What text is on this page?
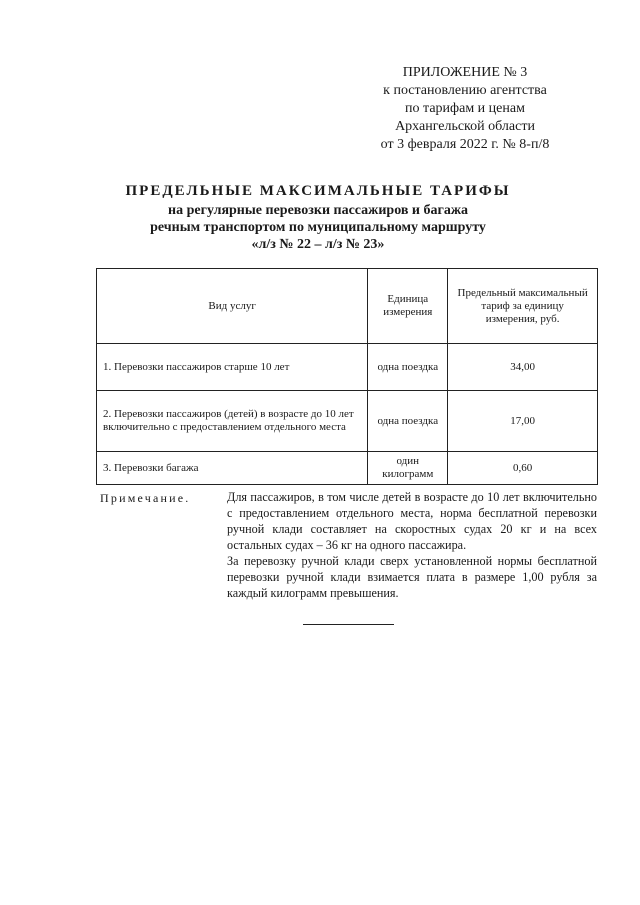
ПРИЛОЖЕНИЕ № 3
к постановлению агентства
по тарифам и ценам
Архангельской области
от 3 февраля 2022 г. № 8-п/8
ПРЕДЕЛЬНЫЕ МАКСИМАЛЬНЫЕ ТАРИФЫ
на регулярные перевозки пассажиров и багажа
речным транспортом по муниципальному маршруту
«л/з № 22 – л/з № 23»
Вид услуг	Единица измерения	Предельный максимальный тариф за единицу измерения, руб.
1. Перевозки пассажиров старше 10 лет	одна поездка	34,00
2. Перевозки пассажиров (детей) в возрасте до 10 лет включительно с предоставлением отдельного места	одна поездка	17,00
3. Перевозки багажа	один килограмм	0,60
Примечание.	Для пассажиров, в том числе детей в возрасте до 10 лет включительно с предоставлением отдельного места, норма бесплатной перевозки ручной клади составляет на скоростных судах 20 кг и на всех остальных судах – 36 кг на одного пассажира.

За перевозку ручной клади сверх установленной нормы бесплатной перевозки ручной клади взимается плата в размере 1,00 рубля за каждый килограмм превышения.
